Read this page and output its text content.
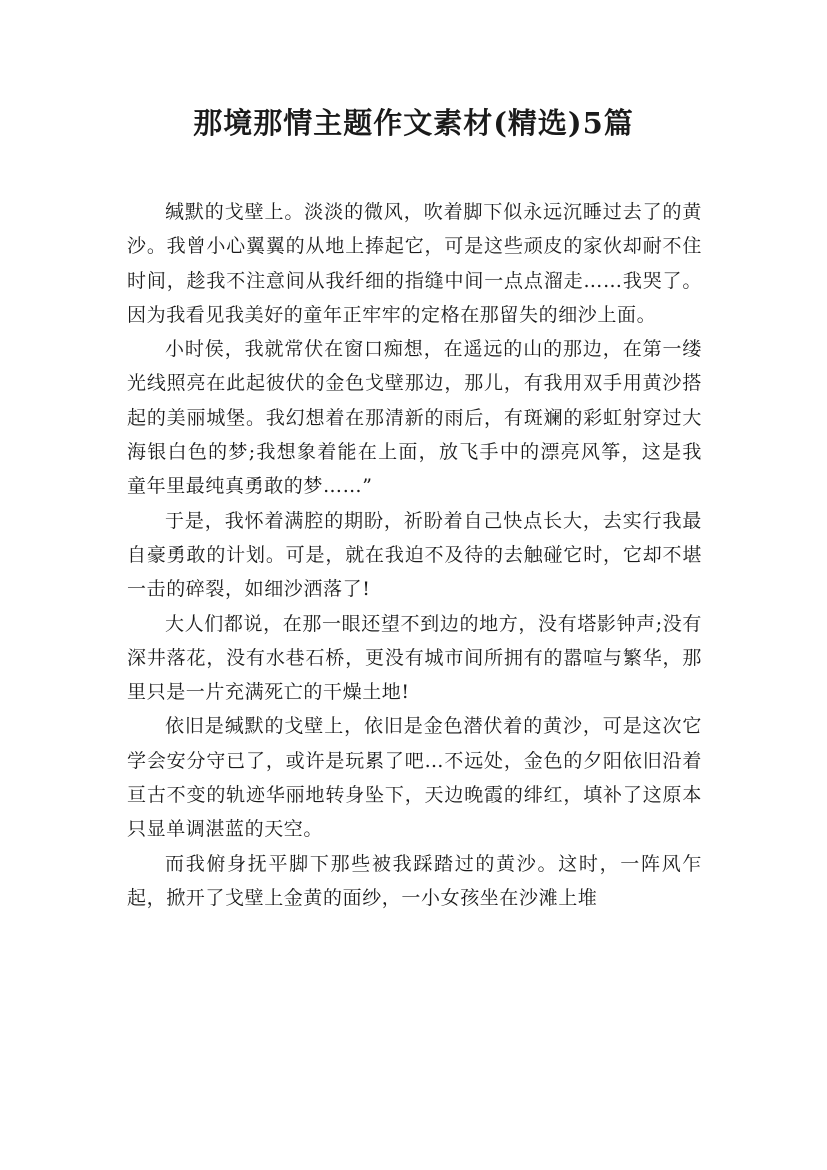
那境那情主题作文素材(精选)5篇

缄默的戈壁上。淡淡的微风，吹着脚下似永远沉睡过去了的黄沙。我曾小心翼翼的从地上捧起它，可是这些顽皮的家伙却耐不住时间，趁我不注意间从我纤细的指缝中间一点点溜走……我哭了。因为我看见我美好的童年正牢牢的定格在那留失的细沙上面。

小时侯，我就常伏在窗口痴想，在遥远的山的那边，在第一缕光线照亮在此起彼伏的金色戈壁那边，那儿，有我用双手用黄沙搭起的美丽城堡。我幻想着在那清新的雨后，有斑斓的彩虹射穿过大海银白色的梦;我想象着能在上面，放飞手中的漂亮风筝，这是我童年里最纯真勇敢的梦……”

于是，我怀着满腔的期盼，祈盼着自己快点长大，去实行我最自豪勇敢的计划。可是，就在我迫不及待的去触碰它时，它却不堪一击的碎裂，如细沙洒落了!

大人们都说，在那一眼还望不到边的地方，没有塔影钟声;没有深井落花，没有水巷石桥，更没有城市间所拥有的嚣喧与繁华，那里只是一片充满死亡的干燥土地!

依旧是缄默的戈壁上，依旧是金色潜伏着的黄沙，可是这次它学会安分守已了，或许是玩累了吧…不远处，金色的夕阳依旧沿着亘古不变的轨迹华丽地转身坠下，天边晚霞的绯红，填补了这原本只显单调湛蓝的天空。

而我俯身抚平脚下那些被我踩踏过的黄沙。这时，一阵风乍起，掀开了戈壁上金黄的面纱，一小女孩坐在沙滩上堆
